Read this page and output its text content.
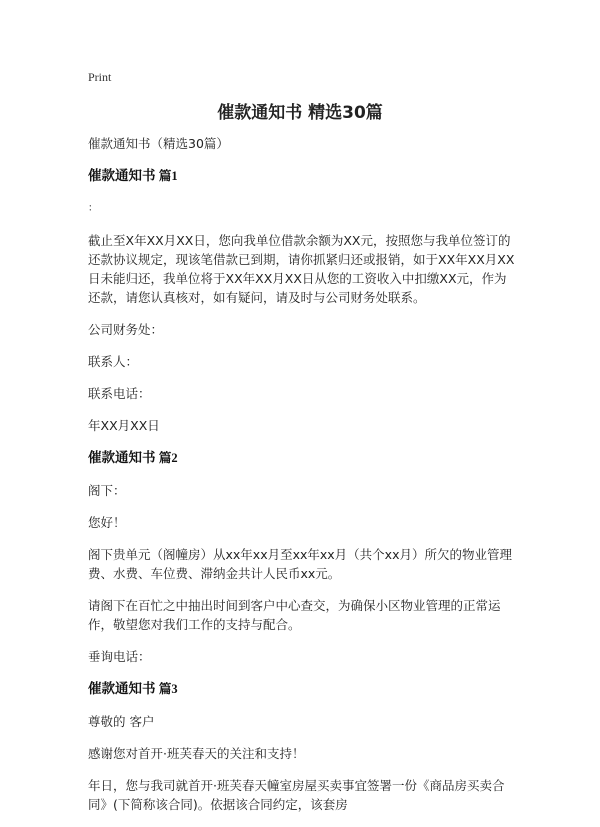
Print
催款通知书 精选30篇

催款通知书（精选30篇）

催款通知书 篇1

：

截止至X年XX月XX日，您向我单位借款余额为XX元，按照您与我单位签订的还款协议规定，现该笔借款已到期，请你抓紧归还或报销，如于XX年XX月XX日未能归还，我单位将于XX年XX月XX日从您的工资收入中扣缴XX元，作为还款，请您认真核对，如有疑问，请及时与公司财务处联系。

公司财务处：

联系人：

联系电话：

年XX月XX日

催款通知书 篇2

阁下：

您好！

阁下贵单元（阁幢房）从xx年xx月至xx年xx月（共个xx月）所欠的物业管理费、水费、车位费、滞纳金共计人民币xx元。

请阁下在百忙之中抽出时间到客户中心查交，为确保小区物业管理的正常运作，敬望您对我们工作的支持与配合。

垂询电话：

催款通知书 篇3

尊敬的 客户

感谢您对首开·班芙春天的关注和支持！

年日，您与我司就首开·班芙春天幢室房屋买卖事宜签署一份《商品房买卖合同》(下简称该合同)。依据该合同约定，该套房
